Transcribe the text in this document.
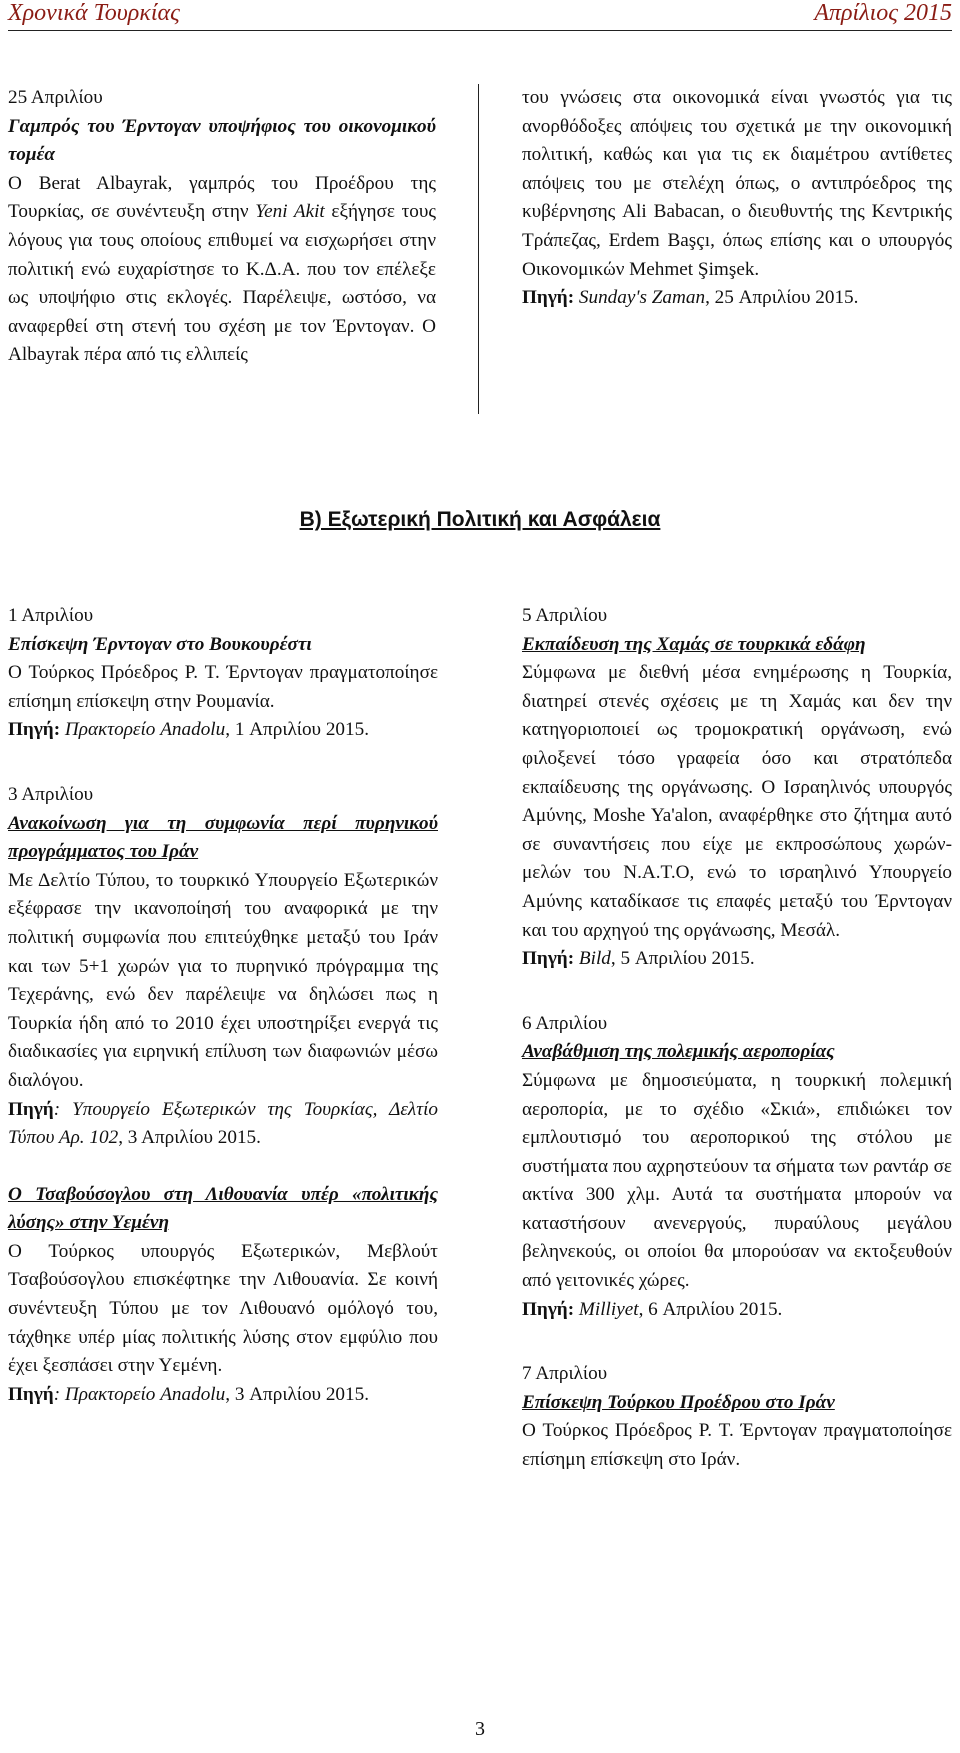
Χρονικά Τουρκίας	Απρίλιος 2015

25 Απριλίου

Γαμπρός του Έρντογαν υποψήφιος του οικονομικού τομέα

Ο Berat Albayrak, γαμπρός του Προέδρου της Τουρκίας, σε συνέντευξη στην Yeni Akit εξήγησε τους λόγους για τους οποίους επιθυμεί να εισχωρήσει στην πολιτική ενώ ευχαρίστησε το Κ.Δ.Α. που τον επέλεξε ως υποψήφιο στις εκλογές. Παρέλειψε, ωστόσο, να αναφερθεί στη στενή του σχέση με τον Έρντογαν. Ο Albayrak πέρα από τις ελλιπείς

του γνώσεις στα οικονομικά είναι γνωστός για τις ανορθόδοξες απόψεις του σχετικά με την οικονομική πολιτική, καθώς και για τις εκ διαμέτρου αντίθετες απόψεις του με στελέχη όπως, ο αντιπρόεδρος της κυβέρνησης Ali Babacan, ο διευθυντής της Κεντρικής Τράπεζας, Erdem Başçı, όπως επίσης και ο υπουργός Οικονομικών Mehmet Şimşek.

Πηγή: Sunday's Zaman, 25 Απριλίου 2015.

Β) Εξωτερική Πολιτική και Ασφάλεια

1 Απριλίου

Επίσκεψη Έρντογαν στο Βουκουρέστι

Ο Τούρκος Πρόεδρος Ρ. Τ. Έρντογαν πραγματοποίησε επίσημη επίσκεψη στην Ρουμανία.

Πηγή: Πρακτορείο Anadolu, 1 Απριλίου 2015.

3 Απριλίου

Ανακοίνωση για τη συμφωνία περί πυρηνικού προγράμματος του Ιράν

Με Δελτίο Τύπου, το τουρκικό Υπουργείο Εξωτερικών εξέφρασε την ικανοποίησή του αναφορικά με την πολιτική συμφωνία που επιτεύχθηκε μεταξύ του Ιράν και των 5+1 χωρών για το πυρηνικό πρόγραμμα της Τεχεράνης, ενώ δεν παρέλειψε να δηλώσει πως η Τουρκία ήδη από το 2010 έχει υποστηρίξει ενεργά τις διαδικασίες για ειρηνική επίλυση των διαφωνιών μέσω διαλόγου.

Πηγή: Υπουργείο Εξωτερικών της Τουρκίας, Δελτίο Τύπου Αρ. 102, 3 Απριλίου 2015.

Ο Τσαβούσογλου στη Λιθουανία υπέρ «πολιτικής λύσης» στην Υεμένη

Ο Τούρκος υπουργός Εξωτερικών, Μεβλούτ Τσαβούσογλου επισκέφτηκε την Λιθουανία. Σε κοινή συνέντευξη Τύπου με τον Λιθουανό ομόλογό του, τάχθηκε υπέρ μίας πολιτικής λύσης στον εμφύλιο που έχει ξεσπάσει στην Υεμένη.

Πηγή: Πρακτορείο Anadolu, 3 Απριλίου 2015.

5 Απριλίου

Εκπαίδευση της Χαμάς σε τουρκικά εδάφη

Σύμφωνα με διεθνή μέσα ενημέρωσης η Τουρκία, διατηρεί στενές σχέσεις με τη Χαμάς και δεν την κατηγοριοποιεί ως τρομοκρατική οργάνωση, ενώ φιλοξενεί τόσο γραφεία όσο και στρατόπεδα εκπαίδευσης της οργάνωσης. Ο Ισραηλινός υπουργός Αμύνης, Moshe Ya'alon, αναφέρθηκε στο ζήτημα αυτό σε συναντήσεις που είχε με εκπροσώπους χωρών-μελών του Ν.Α.Τ.Ο, ενώ το ισραηλινό Υπουργείο Αμύνης καταδίκασε τις επαφές μεταξύ του Έρντογαν και του αρχηγού της οργάνωσης, Μεσάλ.

Πηγή: Bild, 5 Απριλίου 2015.

6 Απριλίου

Αναβάθμιση της πολεμικής αεροπορίας

Σύμφωνα με δημοσιεύματα, η τουρκική πολεμική αεροπορία, με το σχέδιο «Σκιά», επιδιώκει τον εμπλουτισμό του αεροπορικού της στόλου με συστήματα που αχρηστεύουν τα σήματα των ραντάρ σε ακτίνα 300 χλμ. Αυτά τα συστήματα μπορούν να καταστήσουν ανενεργούς, πυραύλους μεγάλου βεληνεκούς, οι οποίοι θα μπορούσαν να εκτοξευθούν από γειτονικές χώρες.

Πηγή: Milliyet, 6 Απριλίου 2015.

7 Απριλίου

Επίσκεψη Τούρκου Προέδρου στο Ιράν

Ο Τούρκος Πρόεδρος Ρ. Τ. Έρντογαν πραγματοποίησε επίσημη επίσκεψη στο Ιράν.

3
